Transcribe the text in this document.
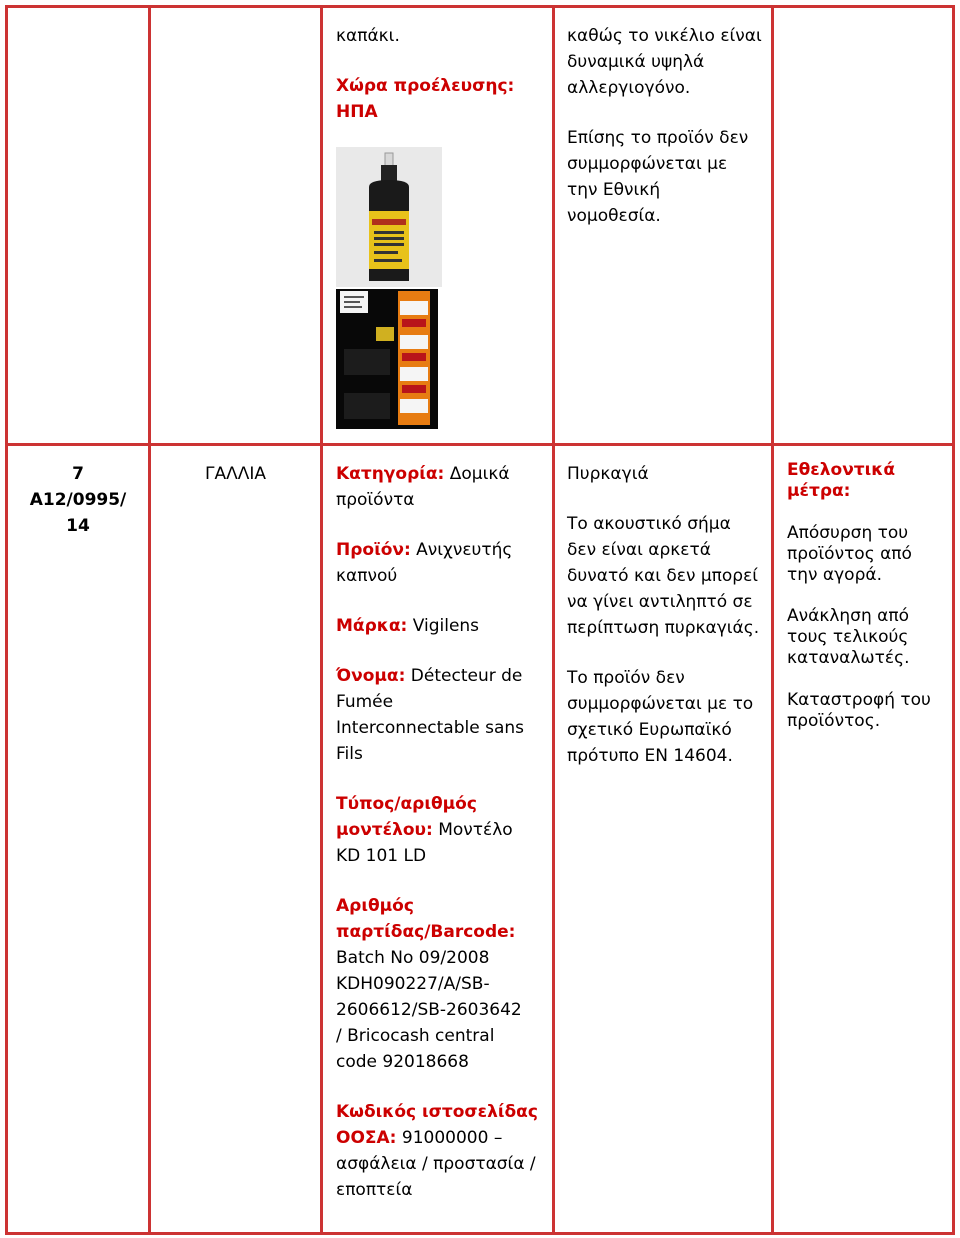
καπάκι.

Χώρα προέλευσης:

ΗΠΑ

καθώς το νικέλιο είναι

δυναμικά υψηλά

αλλεργιογόνο.

Επίσης το προϊόν δεν

συμμορφώνεται με

την Εθνική

νομοθεσία.

7

A12/0995/

14

ΓΑΛΛΙΑ	Κατηγορία: Δομικά

προϊόντα

Προϊόν: Ανιχνευτής

καπνού

Μάρκα: Vigilens

Όνομα: Détecteur de

Fumée

Interconnectable sans

Fils

Τύπος/αριθμός

μοντέλου: Μοντέλο

KD 101 LD

Αριθμός

παρτίδας/Barcode:

Batch No 09/2008

KDH090227/A/SB-

2606612/SB-2603642

/ Bricocash central

code 92018668

Κωδικός ιστοσελίδας

ΟΟΣΑ: 91000000 –

ασφάλεια / προστασία /

εποπτεία

Πυρκαγιά

Το ακουστικό σήμα

δεν είναι αρκετά

δυνατό και δεν μπορεί

να γίνει αντιληπτό σε

περίπτωση πυρκαγιάς.

Το προϊόν δεν

συμμορφώνεται με το

σχετικό Ευρωπαϊκό

πρότυπο EN 14604.

Εθελοντικά

μέτρα:

Απόσυρση του

προϊόντος από

την αγορά.

Ανάκληση από

τους τελικούς

καταναλωτές.

Καταστροφή του

προϊόντος.
